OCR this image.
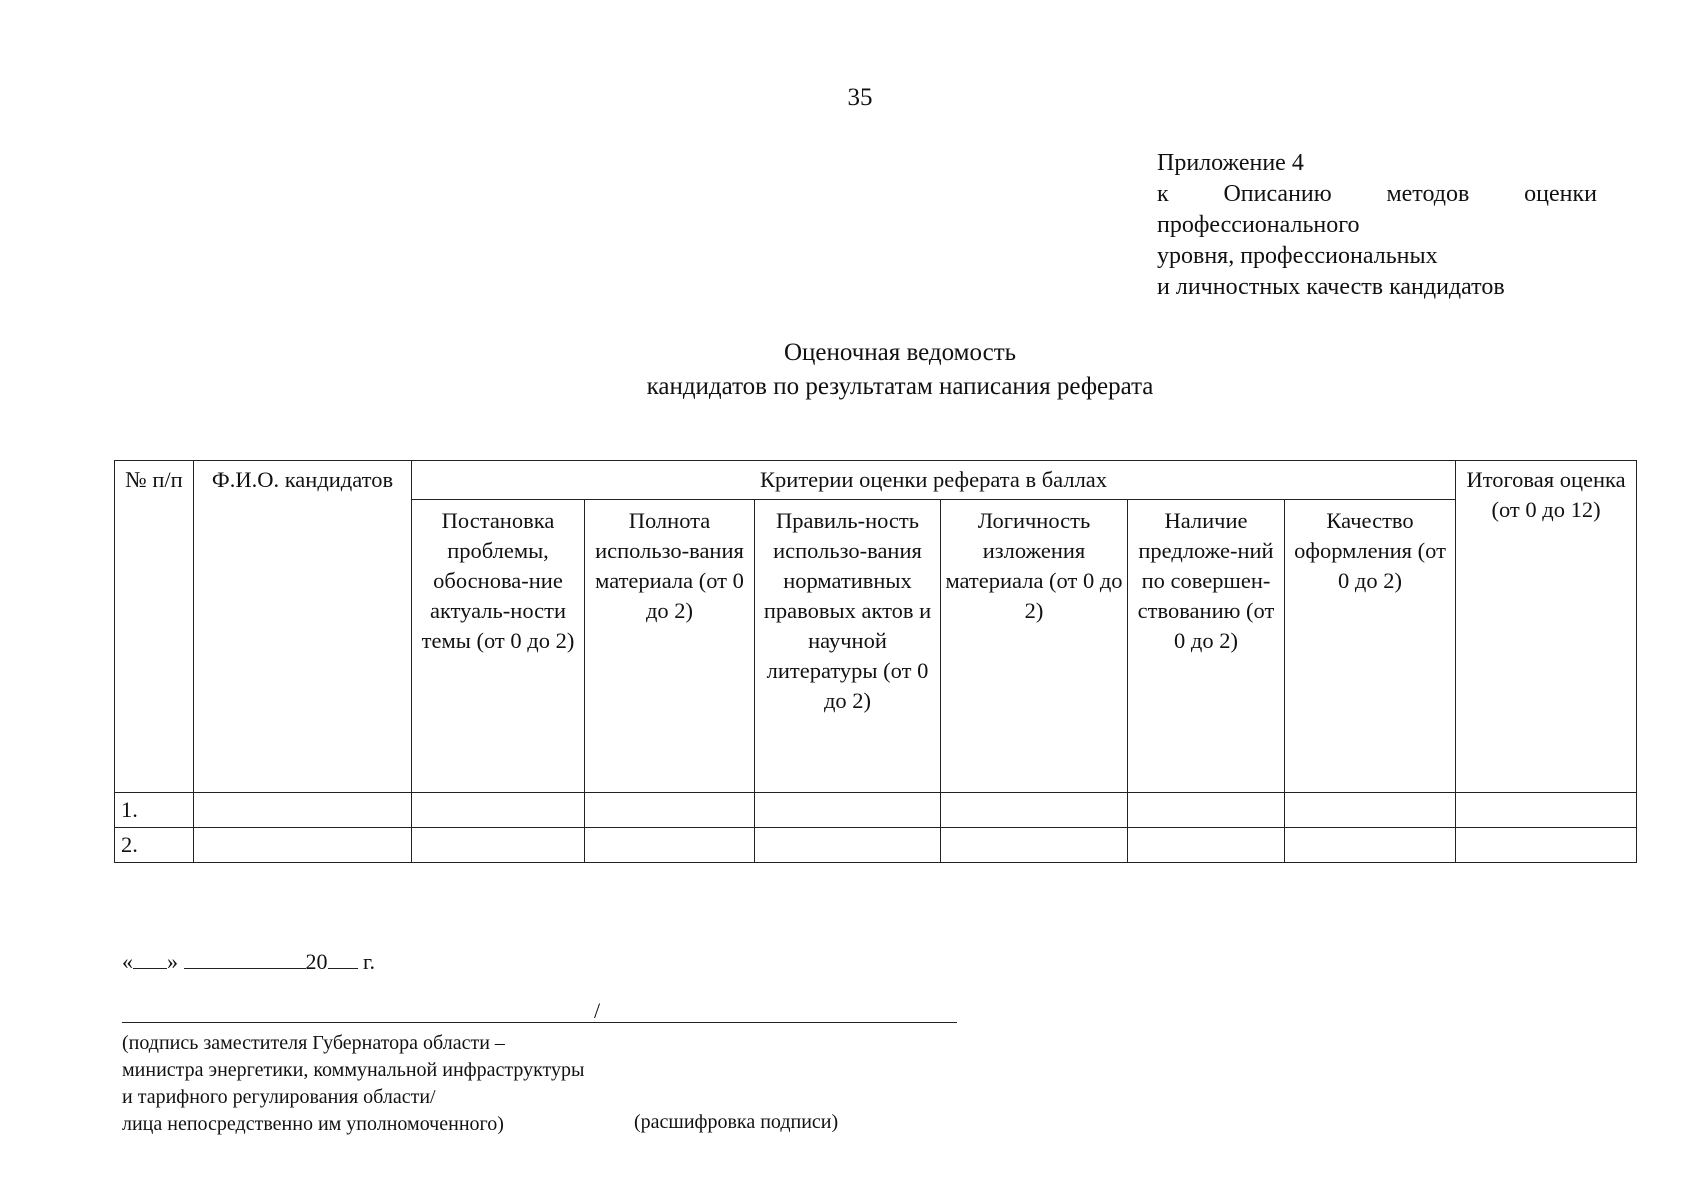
35
Приложение 4
к Описанию методов оценки
профессионального
уровня, профессиональных
и личностных качеств кандидатов
Оценочная ведомость
кандидатов по результатам написания реферата
№ п/п	Ф.И.О. кандидатов	Критерии оценки реферата в баллах						Итоговая оценка (от 0 до 12)
		Постановка проблемы, обоснова-ние актуаль-ности темы (от 0 до 2)	Полнота использо-вания материала (от 0 до 2)	Правиль-ность использо-вания нормативных правовых актов и научной литературы (от 0 до 2)	Логичность изложения материала (от 0 до 2)	Наличие предложе-ний по совершен-ствованию (от 0 до 2)	Качество оформления (от 0 до 2)	
1.								
2.								
« »	20 г.
/
(подпись заместителя Губернатора области –
министра энергетики, коммунальной инфраструктуры
и тарифного регулирования области/
лица непосредственно им уполномоченного)	(расшифровка подписи)
